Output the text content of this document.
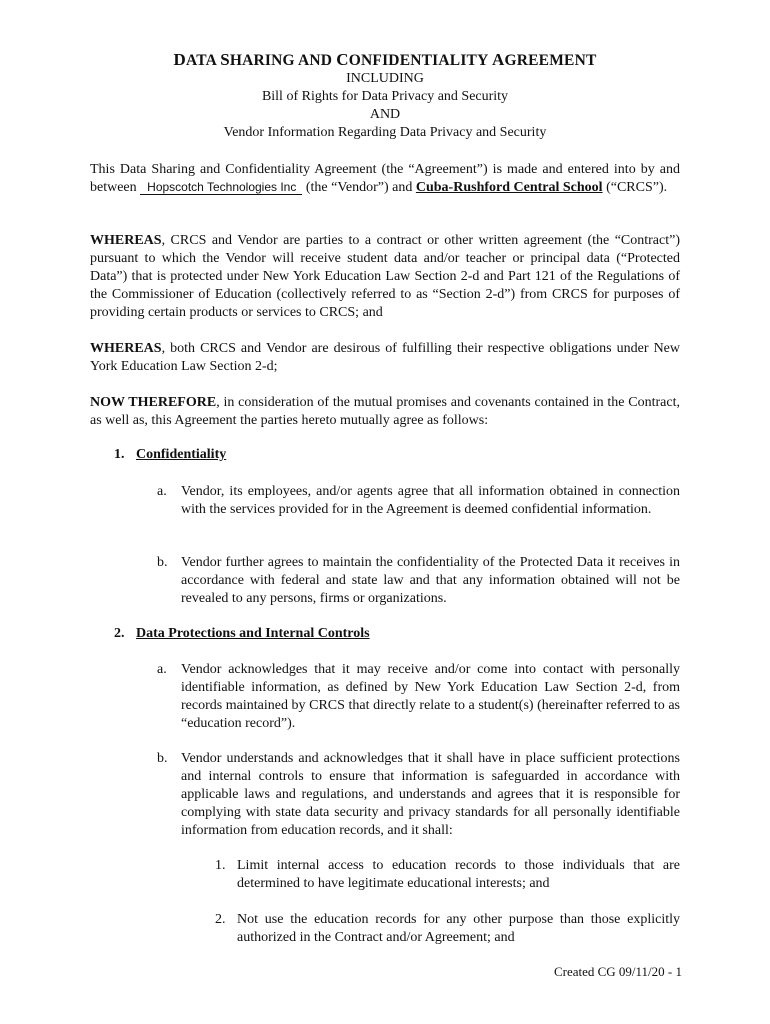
DATA SHARING AND CONFIDENTIALITY AGREEMENT
INCLUDING
Bill of Rights for Data Privacy and Security
AND
Vendor Information Regarding Data Privacy and Security
This Data Sharing and Confidentiality Agreement (the “Agreement”) is made and entered into by and between Hopscotch Technologies Inc (the “Vendor”) and Cuba-Rushford Central School (“CRCS”).
WHEREAS, CRCS and Vendor are parties to a contract or other written agreement (the “Contract”) pursuant to which the Vendor will receive student data and/or teacher or principal data (“Protected Data”) that is protected under New York Education Law Section 2-d and Part 121 of the Regulations of the Commissioner of Education (collectively referred to as “Section 2-d”) from CRCS for purposes of providing certain products or services to CRCS; and
WHEREAS, both CRCS and Vendor are desirous of fulfilling their respective obligations under New York Education Law Section 2-d;
NOW THEREFORE, in consideration of the mutual promises and covenants contained in the Contract, as well as, this Agreement the parties hereto mutually agree as follows:
1. Confidentiality
a. Vendor, its employees, and/or agents agree that all information obtained in connection with the services provided for in the Agreement is deemed confidential information.
b. Vendor further agrees to maintain the confidentiality of the Protected Data it receives in accordance with federal and state law and that any information obtained will not be revealed to any persons, firms or organizations.
2. Data Protections and Internal Controls
a. Vendor acknowledges that it may receive and/or come into contact with personally identifiable information, as defined by New York Education Law Section 2-d, from records maintained by CRCS that directly relate to a student(s) (hereinafter referred to as “education record”).
b. Vendor understands and acknowledges that it shall have in place sufficient protections and internal controls to ensure that information is safeguarded in accordance with applicable laws and regulations, and understands and agrees that it is responsible for complying with state data security and privacy standards for all personally identifiable information from education records, and it shall:
1. Limit internal access to education records to those individuals that are determined to have legitimate educational interests; and
2. Not use the education records for any other purpose than those explicitly authorized in the Contract and/or Agreement; and
Created CG 09/11/20 - 1
